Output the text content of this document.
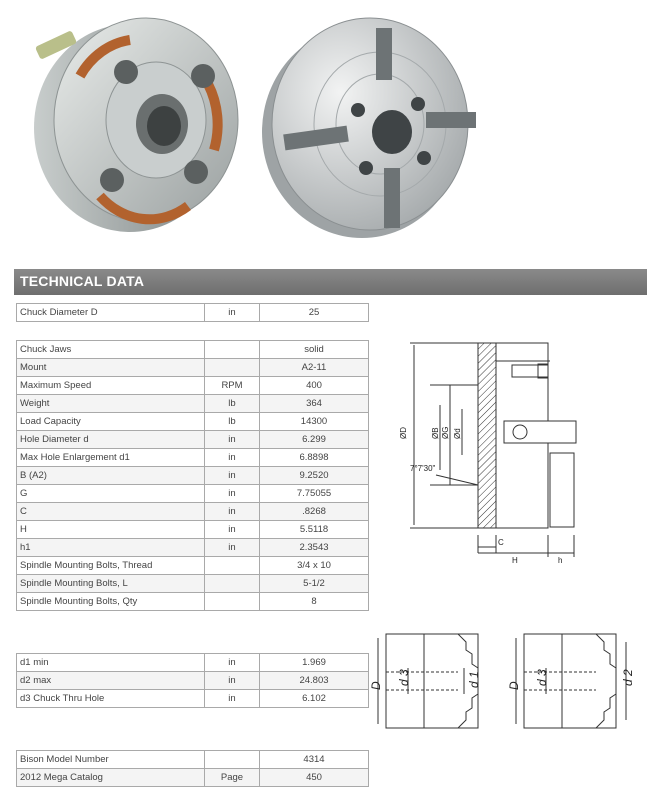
TECHNICAL DATA
Chuck Diameter D	in	25
Chuck Jaws		solid
Mount		A2-11
Maximum Speed	RPM	400
Weight	lb	364
Load Capacity	lb	14300
Hole Diameter d	in	6.299
Max Hole Enlargement d1	in	6.8898
B (A2)	in	9.2520
G	in	7.75055
C	in	.8268
H	in	5.5118
h1	in	2.3543
Spindle Mounting Bolts, Thread		3/4 x 10
Spindle Mounting Bolts, L		5-1/2
Spindle Mounting Bolts, Qty		8
d1 min	in	1.969
d2 max	in	24.803
d3 Chuck Thru Hole	in	6.102
Bison Model Number		4314
2012 Mega Catalog	Page	450
ØD	ØB ØG Ød
7°7'30"
C
H	h
D d 3	d 1 D d 3	d 2
